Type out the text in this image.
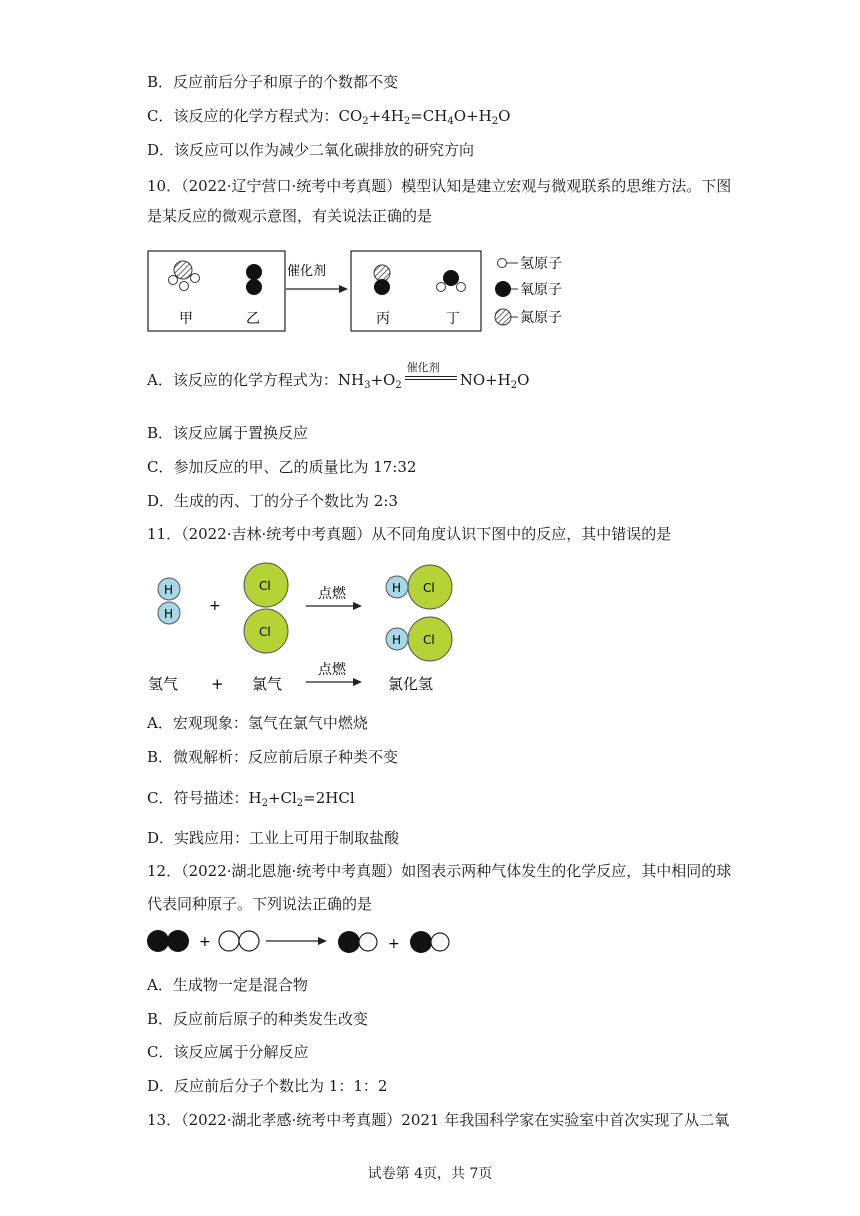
B．反应前后分子和原子的个数都不变
C．该反应的化学方程式为：$CO_2+4H_2=CH_4O+H_2O$
D．该反应可以作为减少二氧化碳排放的研究方向
10．（2022·辽宁营口·统考中考真题）模型认知是建立宏观与微观联系的思维方法。下图
是某反应的微观示意图，有关说法正确的是
甲	乙
催化剂
丙	丁
氢原子
氧原子
氮原子
A．该反应的化学方程式为：$NH_3+O_2$
催化剂
$NO+H_2O$
B．该反应属于置换反应
C．参加反应的甲、乙的质量比为 17:32
D．生成的丙、丁的分子个数比为 2:3
11．（2022·吉林·统考中考真题）从不同角度认识下图中的反应，其中错误的是
H
H	+
Cl
Cl
点燃	H Cl
H Cl
氢气 + 氯气
点燃
氯化氢
A．宏观现象：氢气在氯气中燃烧
B．微观解析：反应前后原子种类不变
C．符号描述：$H_2+Cl_2=2HCl$
D．实践应用：工业上可用于制取盐酸
12．（2022·湖北恩施·统考中考真题）如图表示两种气体发生的化学反应，其中相同的球
代表同种原子。下列说法正确的是
+	+
A．生成物一定是混合物
B．反应前后原子的种类发生改变
C．该反应属于分解反应
D．反应前后分子个数比为 1：1：2
13．（2022·湖北孝感·统考中考真题）2021 年我国科学家在实验室中首次实现了从二氧
试卷第 4页，共 7页
